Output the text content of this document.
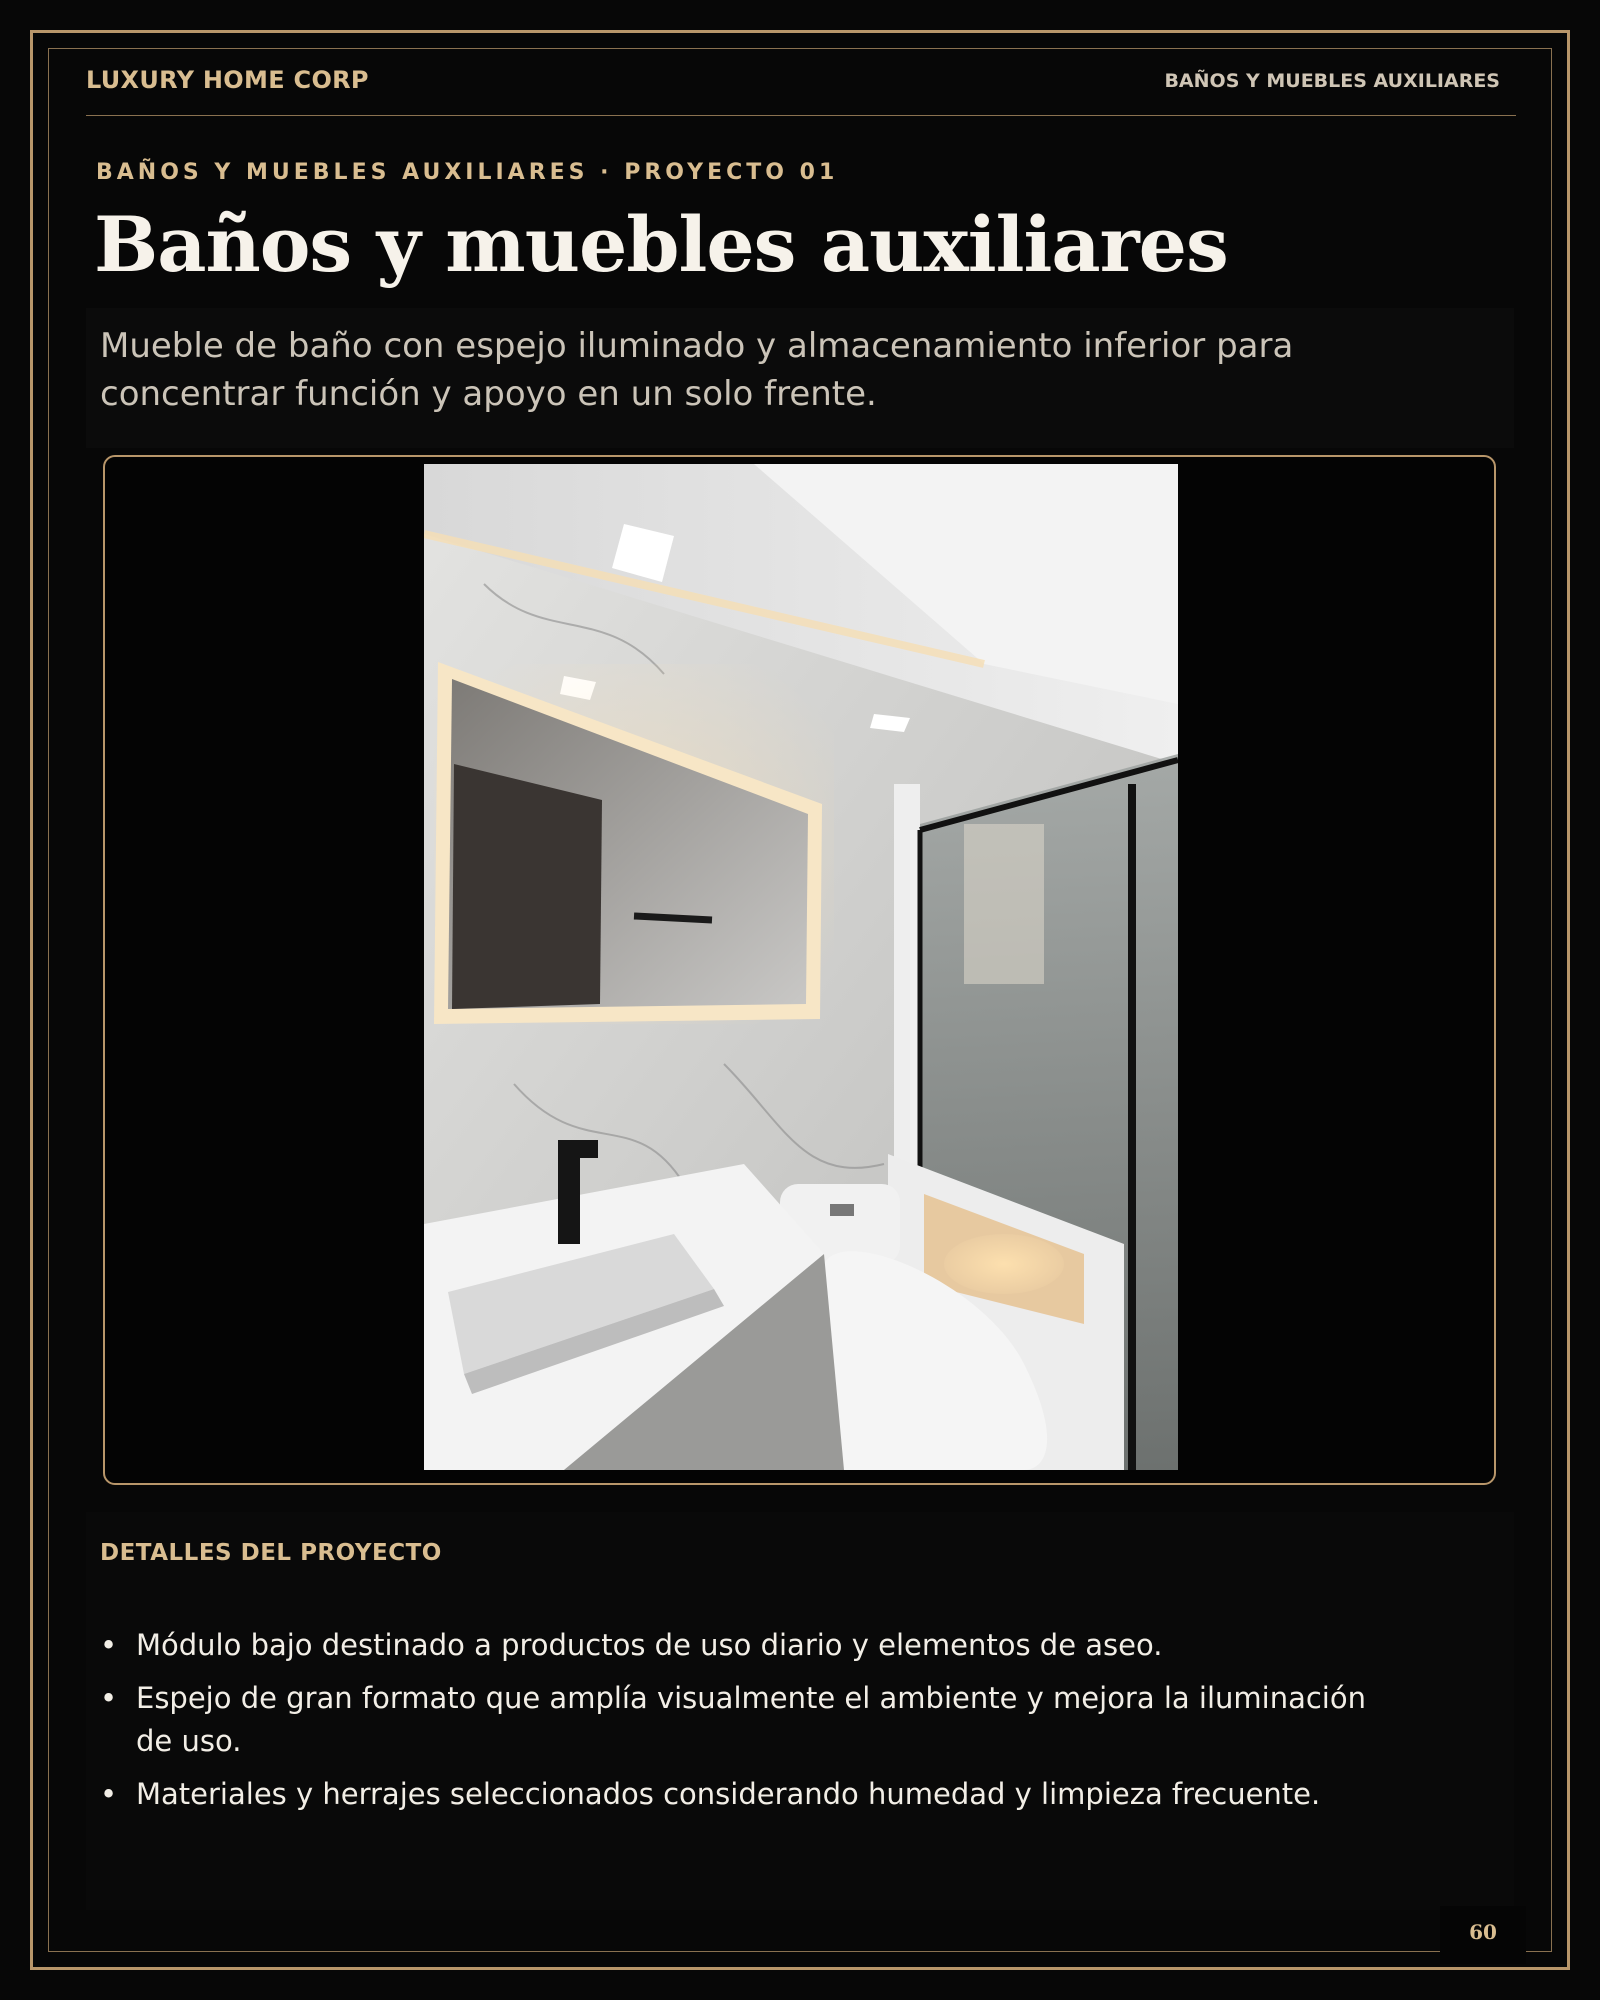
LUXURY HOME CORP	BAÑOS Y MUEBLES AUXILIARES
BAÑOS Y MUEBLES AUXILIARES · PROYECTO 01
Baños y muebles auxiliares

Mueble de baño con espejo iluminado y almacenamiento inferior para concentrar función y apoyo en un solo frente.

DETALLES DEL PROYECTO
• Módulo bajo destinado a productos de uso diario y elementos de aseo.
• Espejo de gran formato que amplía visualmente el ambiente y mejora la iluminación de uso.
• Materiales y herrajes seleccionados considerando humedad y limpieza frecuente.
60
